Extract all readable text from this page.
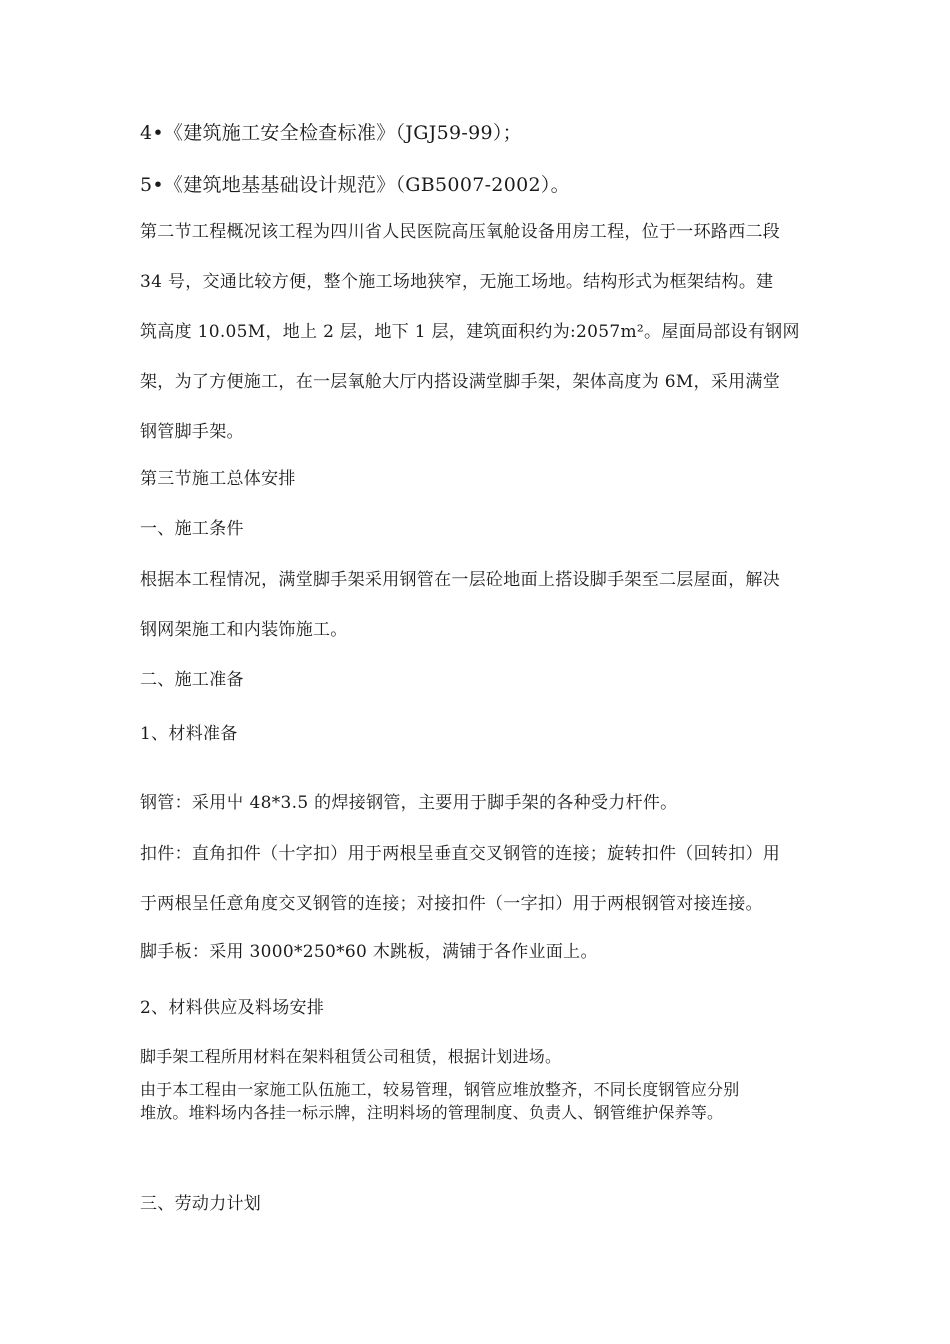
4•《建筑施工安全检查标准》（JGJ59-99）；
5•《建筑地基基础设计规范》（GB5007-2002）。
第二节工程概况该工程为四川省人民医院高压氧舱设备用房工程，位于一环路西二段
34 号，交通比较方便，整个施工场地狭窄，无施工场地。结构形式为框架结构。建
筑高度 10.05M，地上 2 层，地下 1 层，建筑面积约为:2057m²。屋面局部设有钢网
架，为了方便施工，在一层氧舱大厅内搭设满堂脚手架，架体高度为 6M，采用满堂
钢管脚手架。
第三节施工总体安排
一、施工条件
根据本工程情况，满堂脚手架采用钢管在一层砼地面上搭设脚手架至二层屋面，解决
钢网架施工和内装饰施工。
二、施工准备
1、材料准备
钢管：采用屮 48*3.5 的焊接钢管，主要用于脚手架的各种受力杆件。
扣件：直角扣件（十字扣）用于两根呈垂直交叉钢管的连接；旋转扣件（回转扣）用
于两根呈任意角度交叉钢管的连接；对接扣件（一字扣）用于两根钢管对接连接。
脚手板：采用 3000*250*60 木跳板，满铺于各作业面上。
2、材料供应及料场安排
脚手架工程所用材料在架料租赁公司租赁，根据计划进场。
由于本工程由一家施工队伍施工，较易管理，钢管应堆放整齐，不同长度钢管应分别
堆放。堆料场内各挂一标示牌，注明料场的管理制度、负责人、钢管维护保养等。
三、劳动力计划
